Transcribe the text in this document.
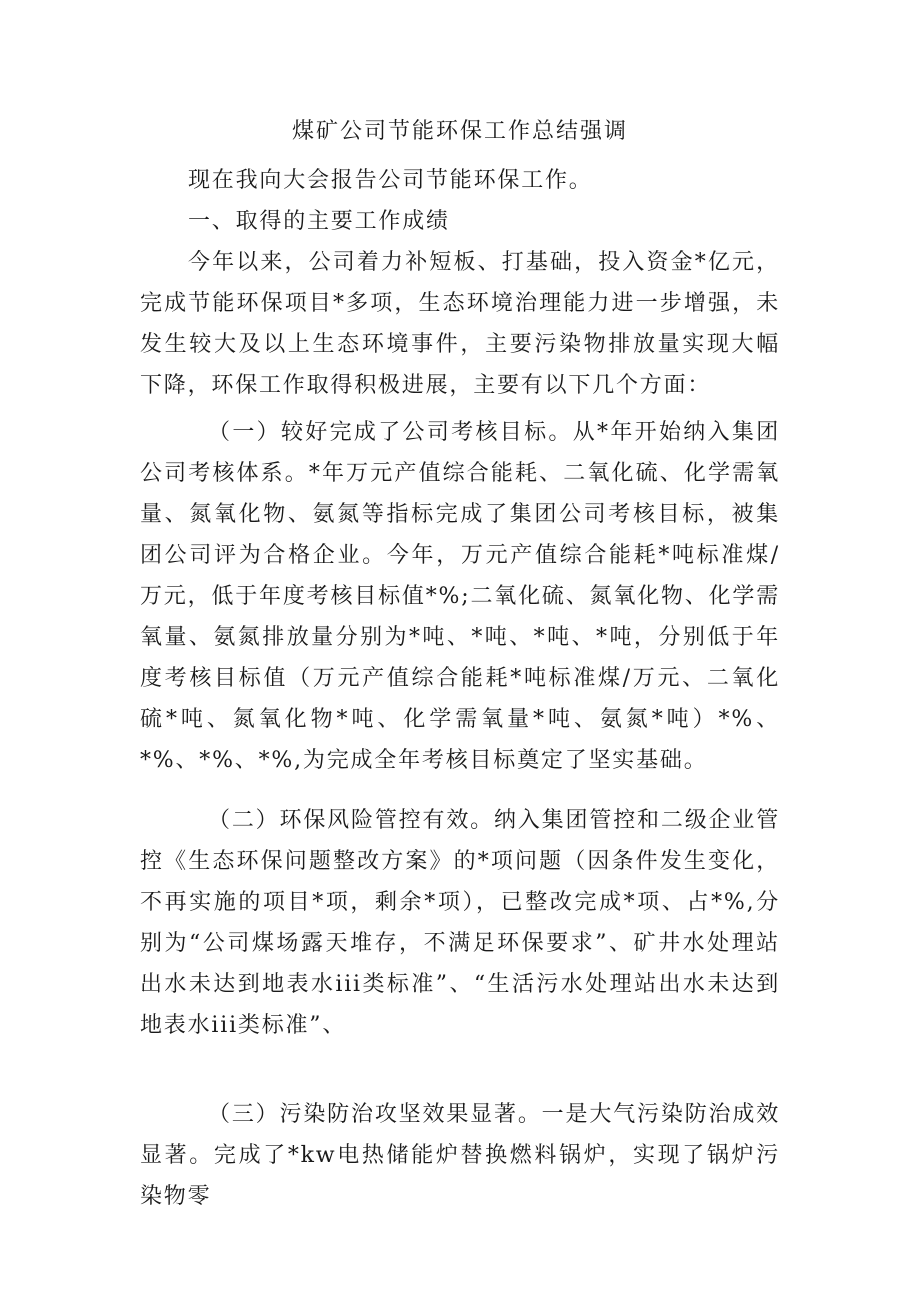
煤矿公司节能环保工作总结强调

现在我向大会报告公司节能环保工作。

一、取得的主要工作成绩

今年以来，公司着力补短板、打基础，投入资金*亿元，完成节能环保项目*多项，生态环境治理能力进一步增强，未发生较大及以上生态环境事件，主要污染物排放量实现大幅下降，环保工作取得积极进展，主要有以下几个方面：

（一）较好完成了公司考核目标。从*年开始纳入集团公司考核体系。*年万元产值综合能耗、二氧化硫、化学需氧量、氮氧化物、氨氮等指标完成了集团公司考核目标，被集团公司评为合格企业。今年，万元产值综合能耗*吨标准煤/万元，低于年度考核目标值*%;二氧化硫、氮氧化物、化学需氧量、氨氮排放量分别为*吨、*吨、*吨、*吨，分别低于年度考核目标值（万元产值综合能耗*吨标准煤/万元、二氧化硫*吨、氮氧化物*吨、化学需氧量*吨、氨氮*吨）*%、*%、*%、*%,为完成全年考核目标奠定了坚实基础。

（二）环保风险管控有效。纳入集团管控和二级企业管控《生态环保问题整改方案》的*项问题（因条件发生变化，不再实施的项目*项，剩余*项），已整改完成*项、占*%,分别为“公司煤场露天堆存，不满足环保要求”、矿井水处理站出水未达到地表水iii类标准”、“生活污水处理站出水未达到地表水iii类标准”、

（三）污染防治攻坚效果显著。一是大气污染防治成效显著。完成了*kw电热储能炉替换燃料锅炉，实现了锅炉污染物零
